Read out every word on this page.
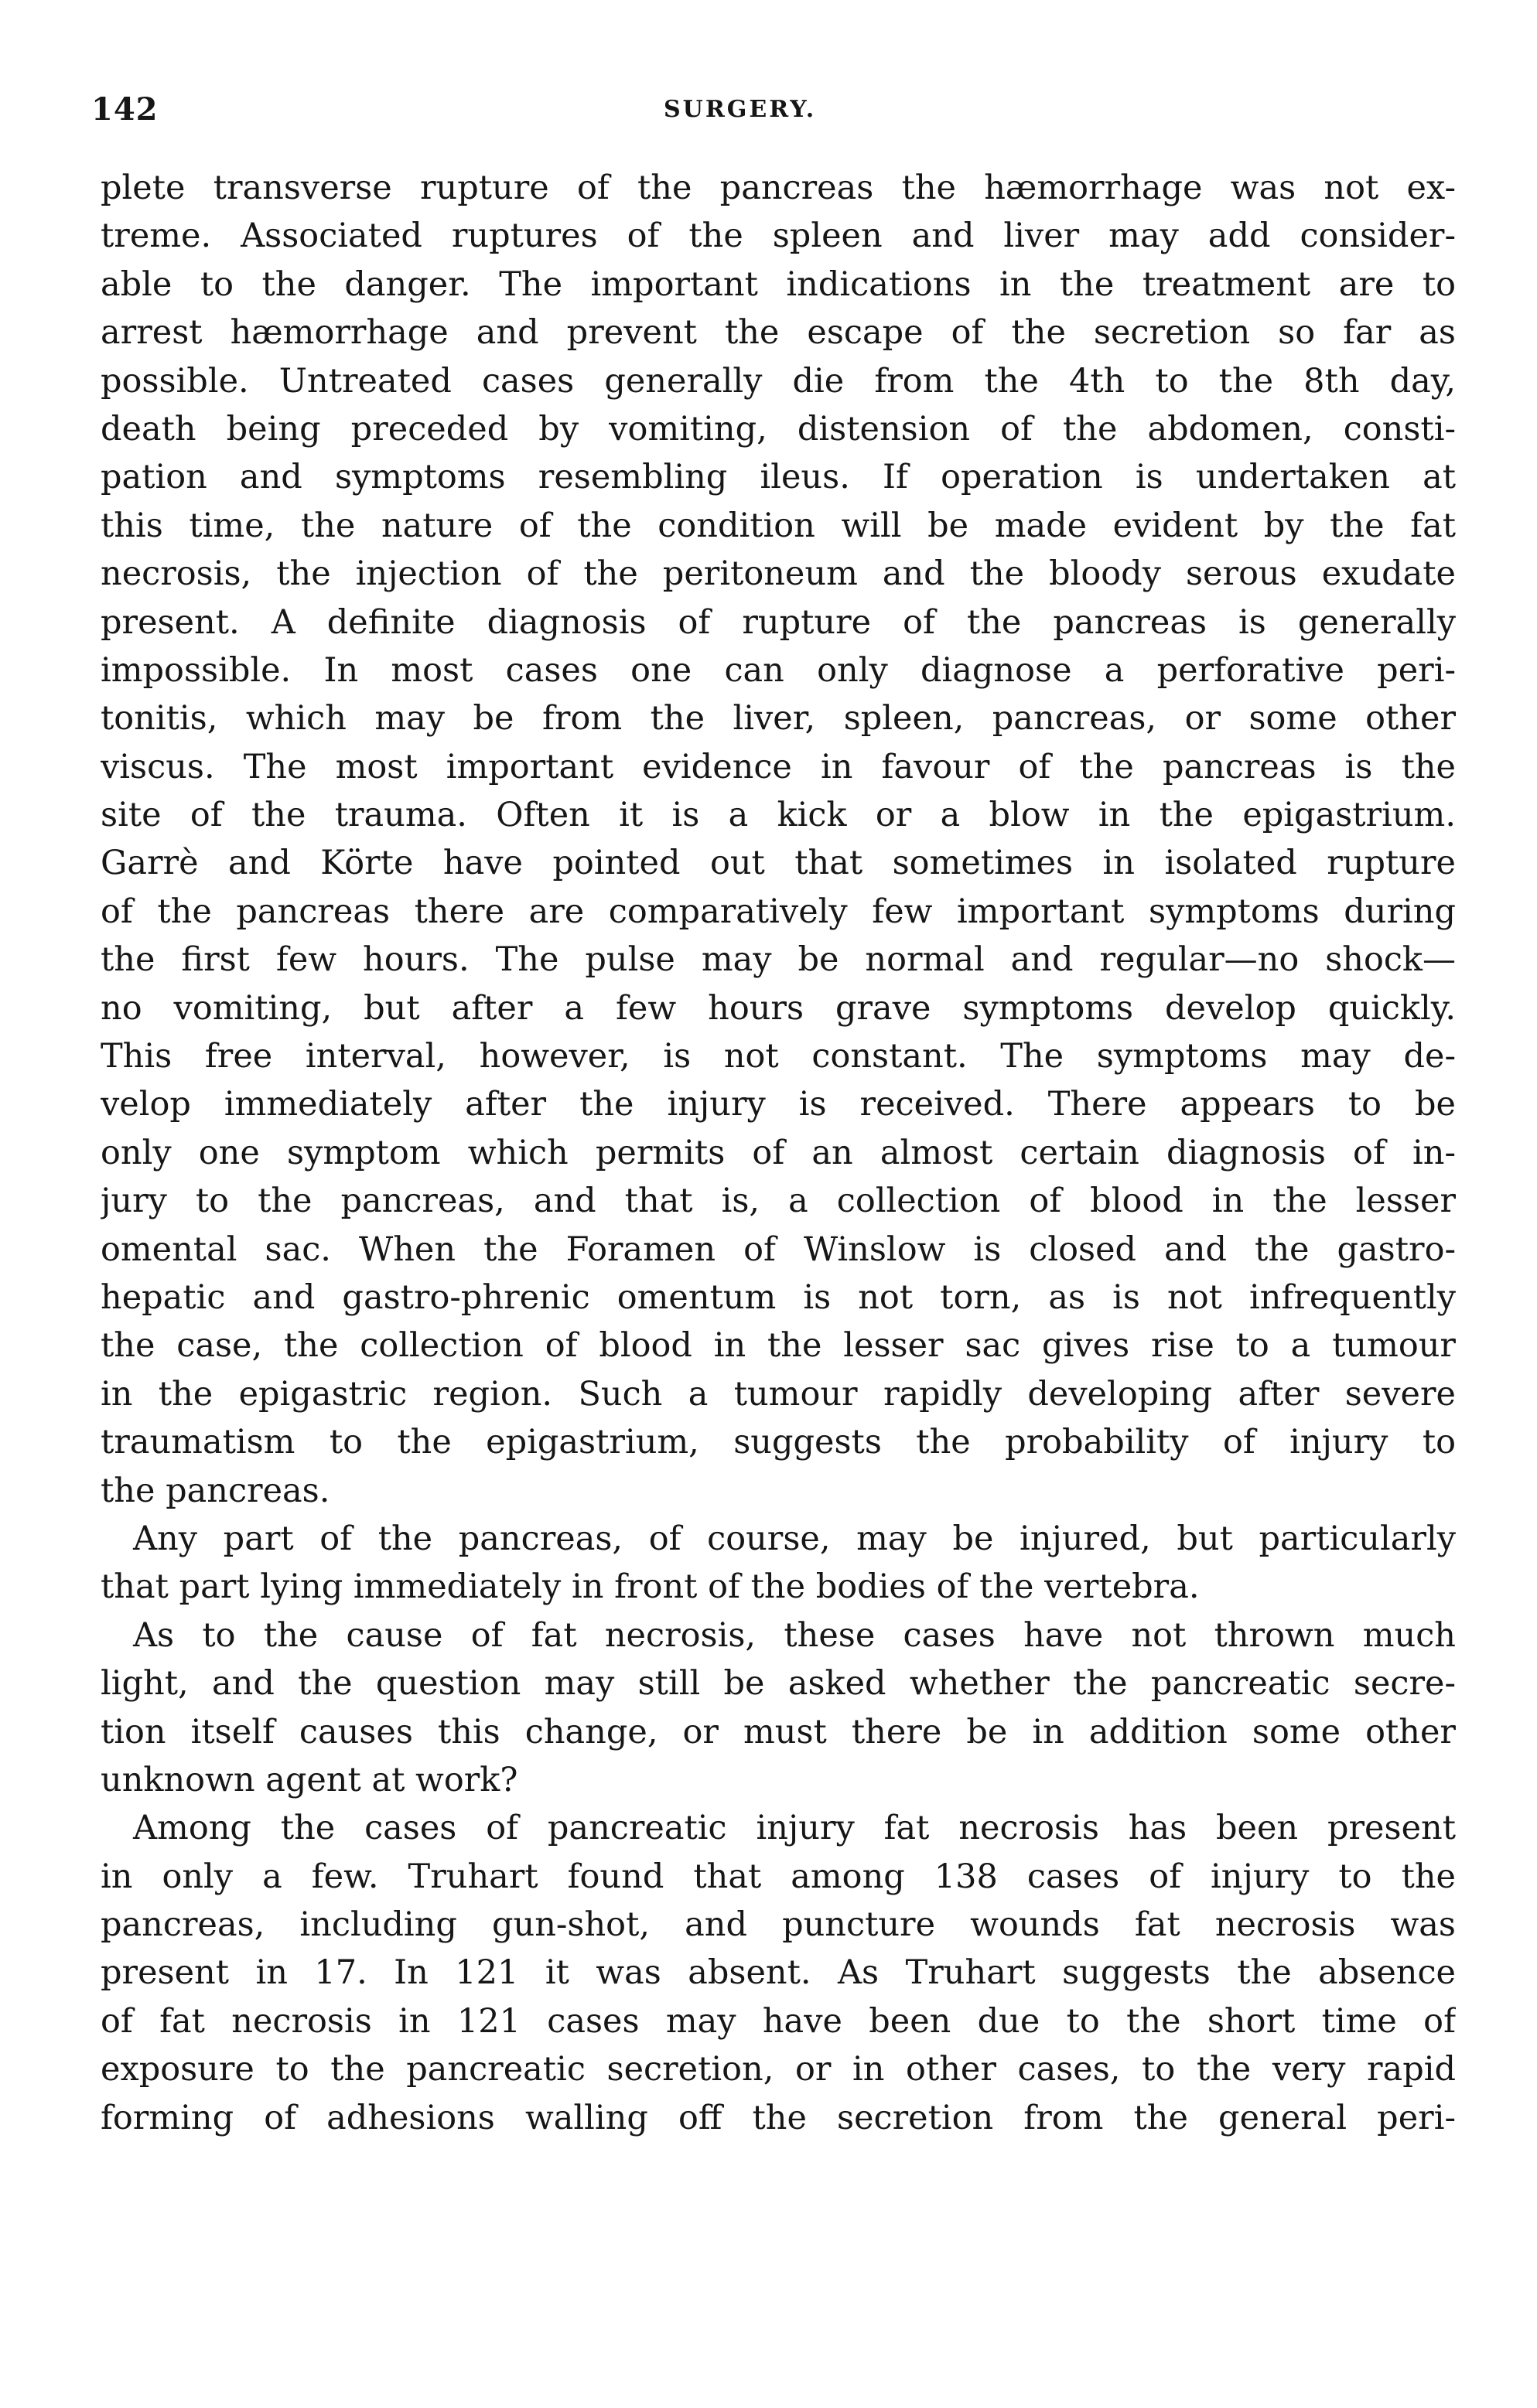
142	SURGERY.
plete transverse rupture of the pancreas the hæmorrhage was not ex-
treme. Associated ruptures of the spleen and liver may add consider-
able to the danger. The important indications in the treatment are to
arrest hæmorrhage and prevent the escape of the secretion so far as
possible. Untreated cases generally die from the 4th to the 8th day,
death being preceded by vomiting, distension of the abdomen, consti-
pation and symptoms resembling ileus. If operation is undertaken at
this time, the nature of the condition will be made evident by the fat
necrosis, the injection of the peritoneum and the bloody serous exudate
present. A definite diagnosis of rupture of the pancreas is generally
impossible. In most cases one can only diagnose a perforative peri-
tonitis, which may be from the liver, spleen, pancreas, or some other
viscus. The most important evidence in favour of the pancreas is the
site of the trauma. Often it is a kick or a blow in the epigastrium.
Garrè and Körte have pointed out that sometimes in isolated rupture
of the pancreas there are comparatively few important symptoms during
the first few hours. The pulse may be normal and regular—no shock—
no vomiting, but after a few hours grave symptoms develop quickly.
This free interval, however, is not constant. The symptoms may de-
velop immediately after the injury is received. There appears to be
only one symptom which permits of an almost certain diagnosis of in-
jury to the pancreas, and that is, a collection of blood in the lesser
omental sac. When the Foramen of Winslow is closed and the gastro-
hepatic and gastro-phrenic omentum is not torn, as is not infrequently
the case, the collection of blood in the lesser sac gives rise to a tumour
in the epigastric region. Such a tumour rapidly developing after severe
traumatism to the epigastrium, suggests the probability of injury to
the pancreas.
Any part of the pancreas, of course, may be injured, but particularly
that part lying immediately in front of the bodies of the vertebra.
As to the cause of fat necrosis, these cases have not thrown much
light, and the question may still be asked whether the pancreatic secre-
tion itself causes this change, or must there be in addition some other
unknown agent at work?
Among the cases of pancreatic injury fat necrosis has been present
in only a few. Truhart found that among 138 cases of injury to the
pancreas, including gun-shot, and puncture wounds fat necrosis was
present in 17. In 121 it was absent. As Truhart suggests the absence
of fat necrosis in 121 cases may have been due to the short time of
exposure to the pancreatic secretion, or in other cases, to the very rapid
forming of adhesions walling off the secretion from the general peri-
